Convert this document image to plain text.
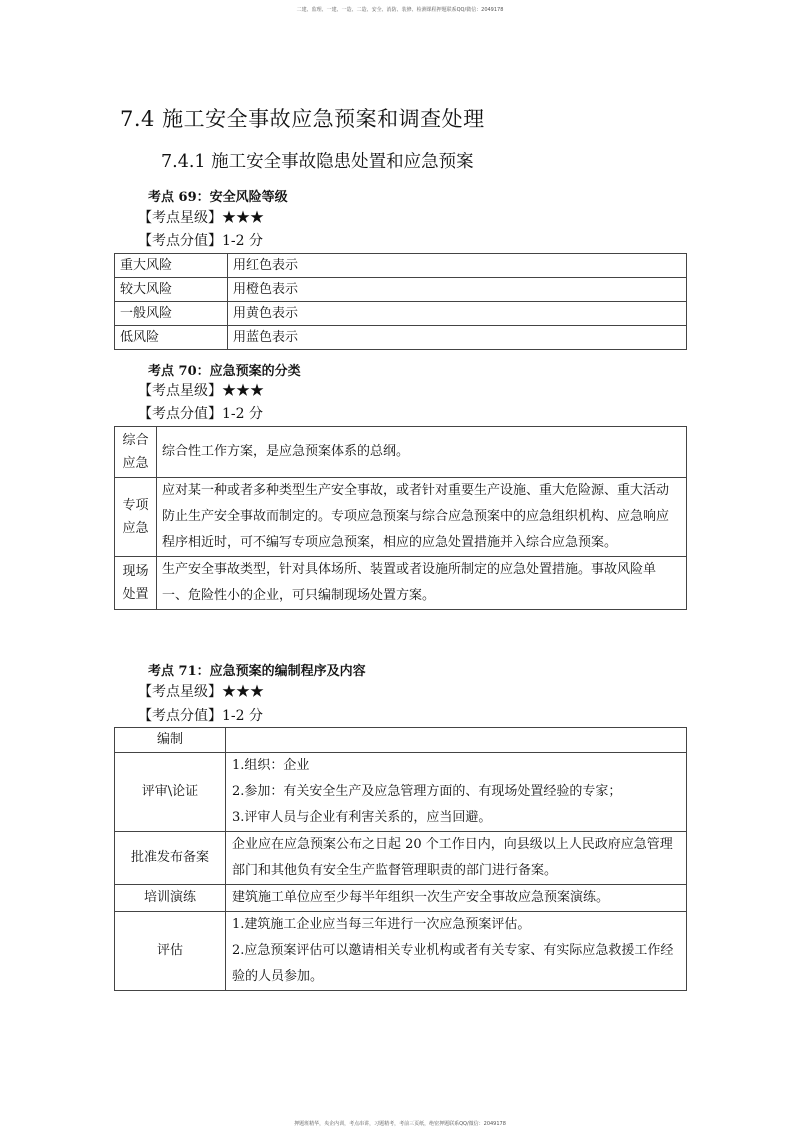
二建、监理、一建、一造、二造、安全、消防、装修、检测课程押题联系QQ/微信：2049178
7.4 施工安全事故应急预案和调查处理
7.4.1 施工安全事故隐患处置和应急预案

考点 69：安全风险等级

【考点星级】★★★

【考点分值】1-2 分

重大风险	用红色表示
较大风险	用橙色表示
一般风险	用黄色表示
低风险	用蓝色表示

考点 70：应急预案的分类

【考点星级】★★★

【考点分值】1-2 分

综合
应急	综合性工作方案，是应急预案体系的总纲。

专项
应急	应对某一种或者多种类型生产安全事故，或者针对重要生产设施、重大危险源、重大活动防止生产安全事故而制定的。专项应急预案与综合应急预案中的应急组织机构、应急响应程序相近时，可不编写专项应急预案，相应的应急处置措施并入综合应急预案。

现场
处置	生产安全事故类型，针对具体场所、装置或者设施所制定的应急处置措施。事故风险单一、危险性小的企业，可只编制现场处置方案。

考点 71：应急预案的编制程序及内容

【考点星级】★★★

【考点分值】1-2 分

编制	
评审\论证	1.组织：企业
2.参加：有关安全生产及应急管理方面的、有现场处置经验的专家；
3.评审人员与企业有利害关系的，应当回避。

批准发布备案	企业应在应急预案公布之日起 20 个工作日内，向县级以上人民政府应急管理部门和其他负有安全生产监督管理职责的部门进行备案。
培训演练	建筑施工单位应至少每半年组织一次生产安全事故应急预案演练。
评估	1.建筑施工企业应当每三年进行一次应急预案评估。
2.应急预案评估可以邀请相关专业机构或者有关专家、有实际应急救援工作经验的人员参加。
押题班精华，央企内训，考点串讲，习题精考，考前三页纸，绝密押题联系QQ/微信：2049178
